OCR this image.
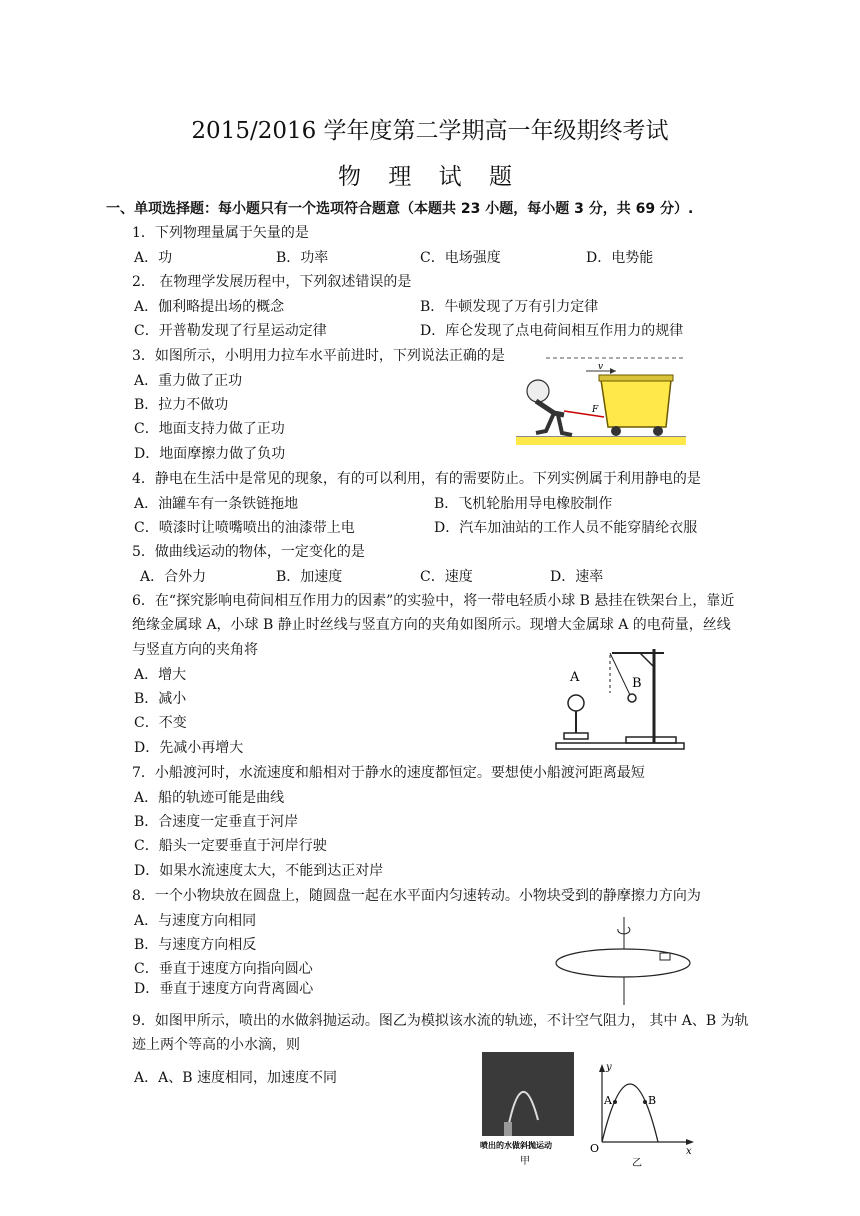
2015/2016 学年度第二学期高一年级期终考试
物 理 试 题
一、单项选择题：每小题只有一个选项符合题意（本题共 23 小题，每小题 3 分，共 69 分）.
1．下列物理量属于矢量的是
A．功	B．功率	C．电场强度	D．电势能
2． 在物理学发展历程中，下列叙述错误的是
A．伽利略提出场的概念	B．牛顿发现了万有引力定律
C．开普勒发现了行星运动定律	D．库仑发现了点电荷间相互作用力的规律
3．如图所示，小明用力拉车水平前进时，下列说法正确的是
A．重力做了正功
B．拉力不做功
C．地面支持力做了正功
D．地面摩擦力做了负功
v
F
4．静电在生活中是常见的现象，有的可以利用，有的需要防止。下列实例属于利用静电的是
A．油罐车有一条铁链拖地	B．飞机轮胎用导电橡胶制作
C．喷漆时让喷嘴喷出的油漆带上电	D．汽车加油站的工作人员不能穿腈纶衣服
5．做曲线运动的物体，一定变化的是
A．合外力	B．加速度	C．速度	D．速率
6．在“探究影响电荷间相互作用力的因素”的实验中，将一带电轻质小球 B 悬挂在铁架台上，靠近
绝缘金属球 A，小球 B 静止时丝线与竖直方向的夹角如图所示。现增大金属球 A 的电荷量，丝线
与竖直方向的夹角将
A．增大
B．减小
C．不变
D．先减小再增大
B
A
7．小船渡河时，水流速度和船相对于静水的速度都恒定。要想使小船渡河距离最短
A．船的轨迹可能是曲线
B．合速度一定垂直于河岸
C．船头一定要垂直于河岸行驶
D．如果水流速度太大，不能到达正对岸
8．一个小物块放在圆盘上，随圆盘一起在水平面内匀速转动。小物块受到的静摩擦力方向为
A．与速度方向相同
B．与速度方向相反
C．垂直于速度方向指向圆心
D．垂直于速度方向背离圆心
9．如图甲所示，喷出的水做斜抛运动。图乙为模拟该水流的轨迹，不计空气阻力， 其中 A、B 为轨
迹上两个等高的小水滴，则
A．A、B 速度相同，加速度不同
喷出的水做斜抛运动
甲
y
x
O
A	B
乙
